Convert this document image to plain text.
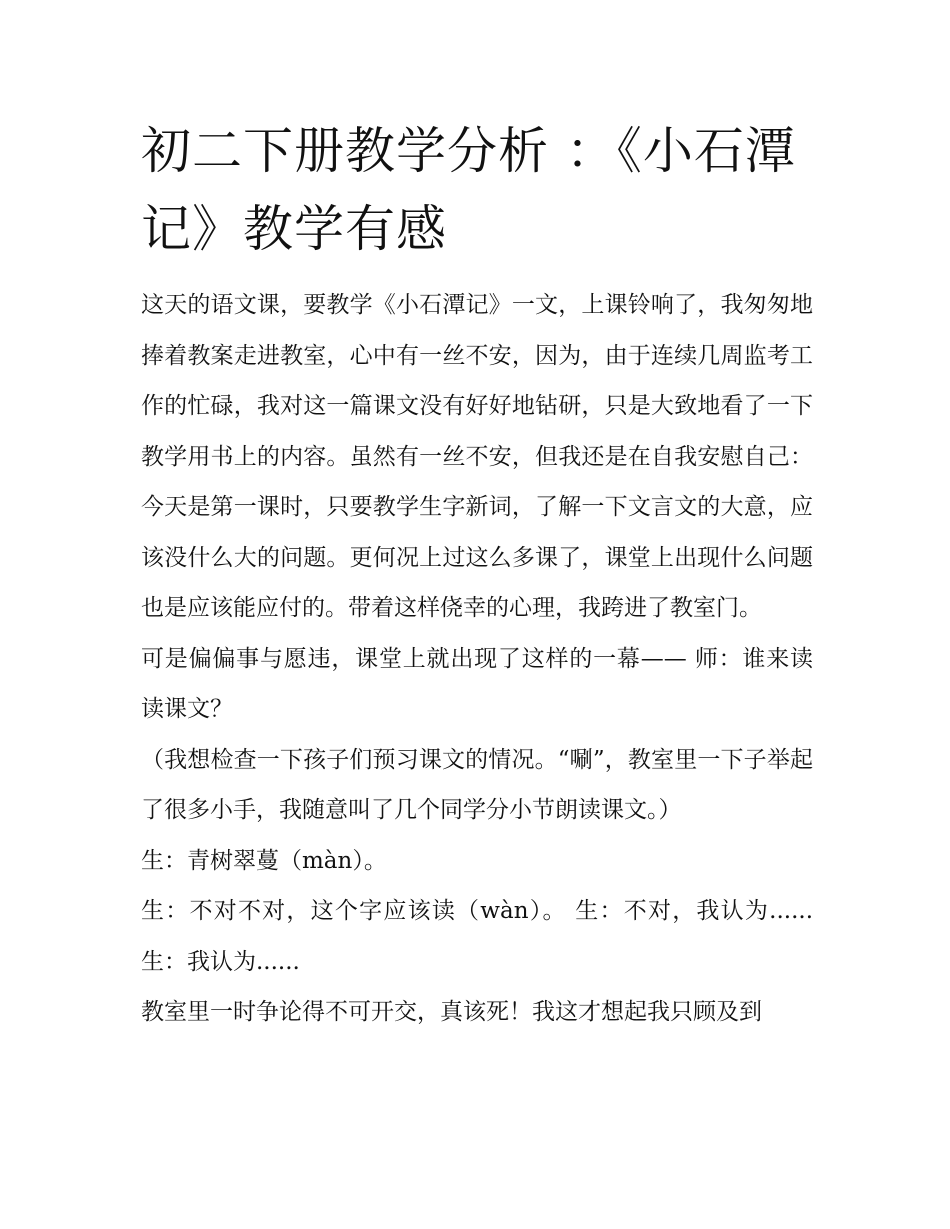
初二下册教学分析 ：《小石潭记》教学有感

这天的语文课，要教学《小石潭记》一文，上课铃响了，我匆匆地捧着教案走进教室，心中有一丝不安，因为，由于连续几周监考工作的忙碌，我对这一篇课文没有好好地钻研，只是大致地看了一下教学用书上的内容。虽然有一丝不安，但我还是在自我安慰自己：今天是第一课时，只要教学生字新词，了解一下文言文的大意，应该没什么大的问题。更何况上过这么多课了，课堂上出现什么问题也是应该能应付的。带着这样侥幸的心理，我跨进了教室门。

可是偏偏事与愿违，课堂上就出现了这样的一幕—— 师：谁来读读课文？

（我想检查一下孩子们预习课文的情况。“唰”，教室里一下子举起了很多小手，我随意叫了几个同学分小节朗读课文。）

生：青树翠蔓（màn）。

生：不对不对，这个字应该读（wàn）。 生：不对，我认为...... 生：我认为......

教室里一时争论得不可开交，真该死！我这才想起我只顾及到
